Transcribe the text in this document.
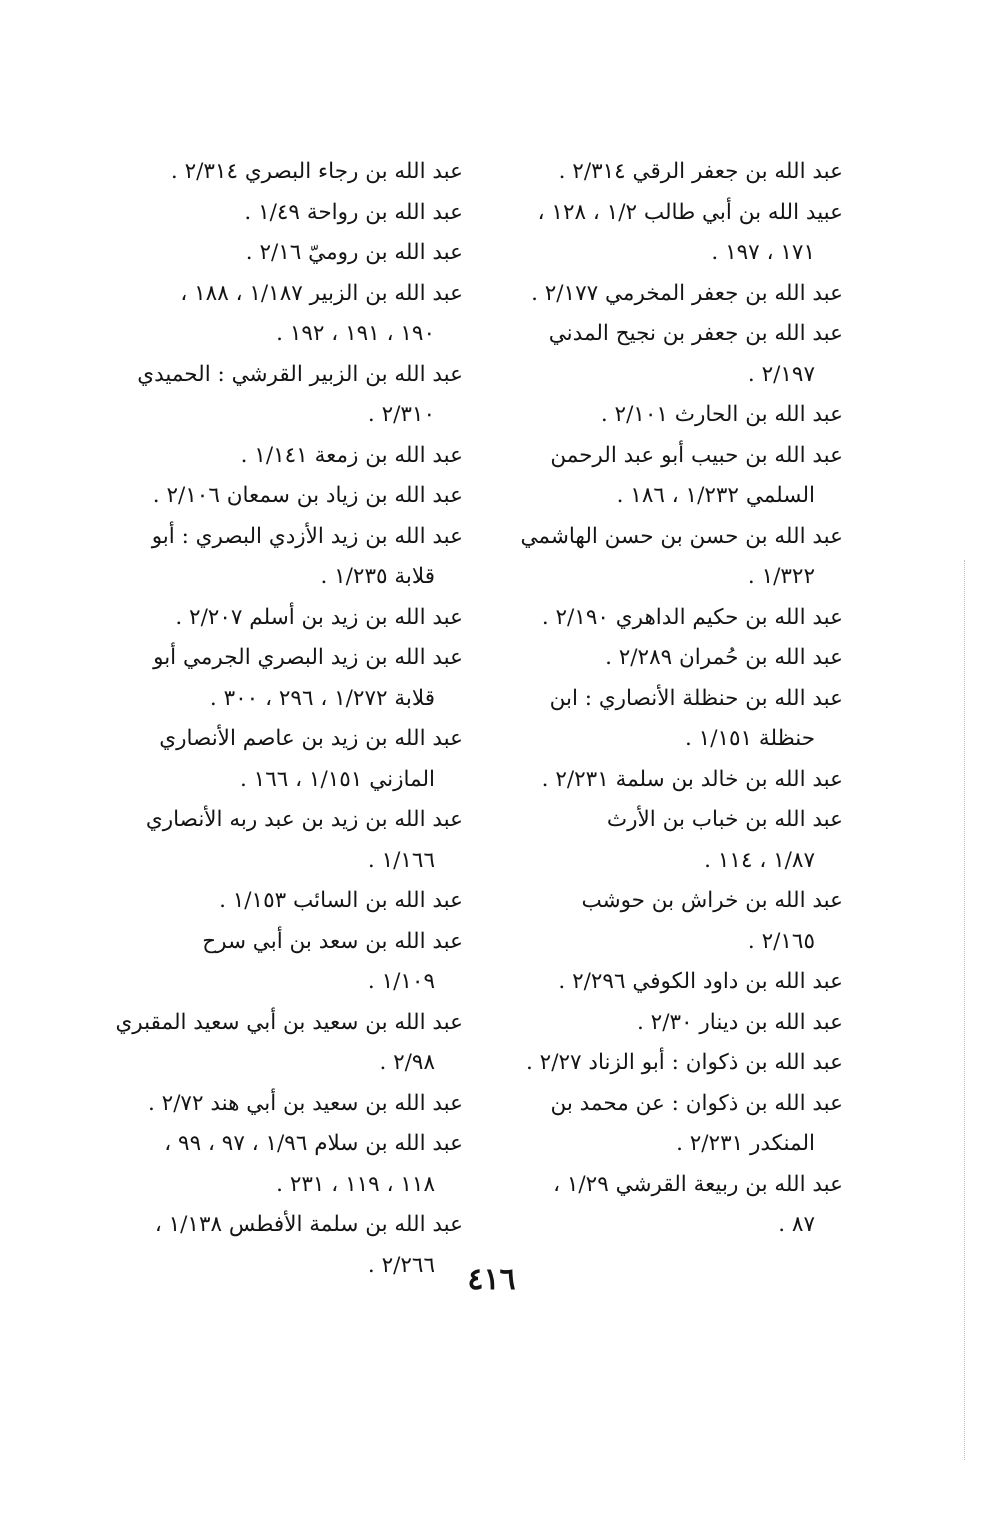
عبد الله بن جعفر الرقي ٢/٣١٤ .
عبيد الله بن أبي طالب ١/٢ ، ١٢٨ ،
١٧١ ، ١٩٧ .
عبد الله بن جعفر المخرمي ٢/١٧٧ .
عبد الله بن جعفر بن نجيح المدني
٢/١٩٧ .
عبد الله بن الحارث ٢/١٠١ .
عبد الله بن حبيب أبو عبد الرحمن
السلمي ١/٢٣٢ ، ١٨٦ .
عبد الله بن حسن بن حسن الهاشمي
١/٣٢٢ .
عبد الله بن حكيم الداهري ٢/١٩٠ .
عبد الله بن حُمران ٢/٢٨٩ .
عبد الله بن حنظلة الأنصاري : ابن
حنظلة ١/١٥١ .
عبد الله بن خالد بن سلمة ٢/٢٣١ .
عبد الله بن خباب بن الأرث
١/٨٧ ، ١١٤ .
عبد الله بن خراش بن حوشب
٢/١٦٥ .
عبد الله بن داود الكوفي ٢/٢٩٦ .
عبد الله بن دينار ٢/٣٠ .
عبد الله بن ذكوان : أبو الزناد ٢/٢٧ .
عبد الله بن ذكوان : عن محمد بن
المنكدر ٢/٢٣١ .
عبد الله بن ربيعة القرشي ١/٢٩ ،
٨٧ .
عبد الله بن رجاء البصري ٢/٣١٤ .
عبد الله بن رواحة ١/٤٩ .
عبد الله بن روميّ ٢/١٦ .
عبد الله بن الزبير ١/١٨٧ ، ١٨٨ ،
١٩٠ ، ١٩١ ، ١٩٢ .
عبد الله بن الزبير القرشي : الحميدي
٢/٣١٠ .
عبد الله بن زمعة ١/١٤١ .
عبد الله بن زياد بن سمعان ٢/١٠٦ .
عبد الله بن زيد الأزدي البصري : أبو
قلابة ١/٢٣٥ .
عبد الله بن زيد بن أسلم ٢/٢٠٧ .
عبد الله بن زيد البصري الجرمي أبو
قلابة ١/٢٧٢ ، ٢٩٦ ، ٣٠٠ .
عبد الله بن زيد بن عاصم الأنصاري
المازني ١/١٥١ ، ١٦٦ .
عبد الله بن زيد بن عبد ربه الأنصاري
١/١٦٦ .
عبد الله بن السائب ١/١٥٣ .
عبد الله بن سعد بن أبي سرح
١/١٠٩ .
عبد الله بن سعيد بن أبي سعيد المقبري
٢/٩٨ .
عبد الله بن سعيد بن أبي هند ٢/٧٢ .
عبد الله بن سلام ١/٩٦ ، ٩٧ ، ٩٩ ،
١١٨ ، ١١٩ ، ٢٣١ .
عبد الله بن سلمة الأفطس ١/١٣٨ ،
٢/٢٦٦ .	٤١٦
